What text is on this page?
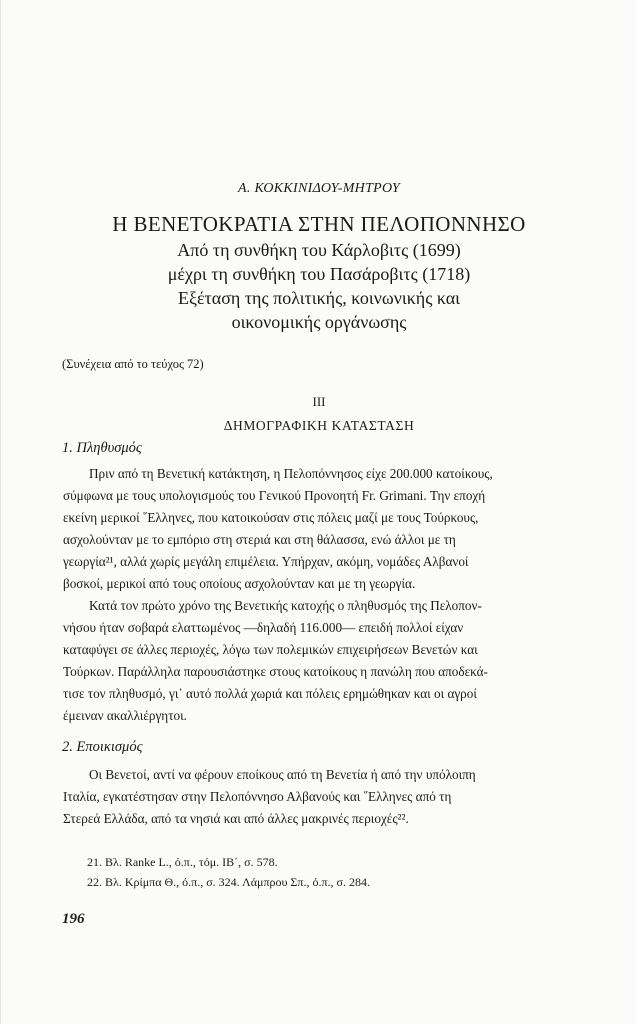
Α. ΚΟΚΚΙΝΙΔΟΥ-ΜΗΤΡΟΥ
Η ΒΕΝΕΤΟΚΡΑΤΙΑ ΣΤΗΝ ΠΕΛΟΠΟΝΝΗΣΟ
Από τη συνθήκη του Κάρλοβιτς (1699)
μέχρι τη συνθήκη του Πασάροβιτς (1718)
Εξέταση της πολιτικής, κοινωνικής και
οικονομικής οργάνωσης
(Συνέχεια από το τεύχος 72)
III
ΔΗΜΟΓΡΑΦΙΚΗ ΚΑΤΑΣΤΑΣΗ
1. Πληθυσμός
Πριν από τη Βενετική κατάκτηση, η Πελοπόννησος είχε 200.000 κατοίκους,
σύμφωνα με τους υπολογισμούς του Γενικού Προνοητή Fr. Grimani. Την εποχή
εκείνη μερικοί ῞Ελληνες, που κατοικούσαν στις πόλεις μαζί με τους Τούρκους,
ασχολούνταν με το εμπόριο στη στεριά και στη θάλασσα, ενώ άλλοι με τη
γεωργία²¹, αλλά χωρίς μεγάλη επιμέλεια. Υπήρχαν, ακόμη, νομάδες Αλβανοί
βοσκοί, μερικοί από τους οποίους ασχολούνταν και με τη γεωργία.
Κατά τον πρώτο χρόνο της Βενετικής κατοχής ο πληθυσμός της Πελοπον-
νήσου ήταν σοβαρά ελαττωμένος —δηλαδή 116.000— επειδή πολλοί είχαν
καταφύγει σε άλλες περιοχές, λόγω των πολεμικών επιχειρήσεων Βενετών και
Τούρκων. Παράλληλα παρουσιάστηκε στους κατοίκους η πανώλη που αποδεκά-
τισε τον πληθυσμό, γι᾿ αυτό πολλά χωριά και πόλεις ερημώθηκαν και οι αγροί
έμειναν ακαλλιέργητοι.
2. Εποικισμός
Οι Βενετοί, αντί να φέρουν εποίκους από τη Βενετία ή από την υπόλοιπη
Ιταλία, εγκατέστησαν στην Πελοπόννησο Αλβανούς και ῞Ελληνες από τη
Στερεά Ελλάδα, από τα νησιά και από άλλες μακρινές περιοχές²².
21. Βλ. Ranke L., ό.π., τόμ. ΙΒ΄, σ. 578.
22. Βλ. Κρίμπα Θ., ό.π., σ. 324. Λάμπρου Σπ., ό.π., σ. 284.
196
